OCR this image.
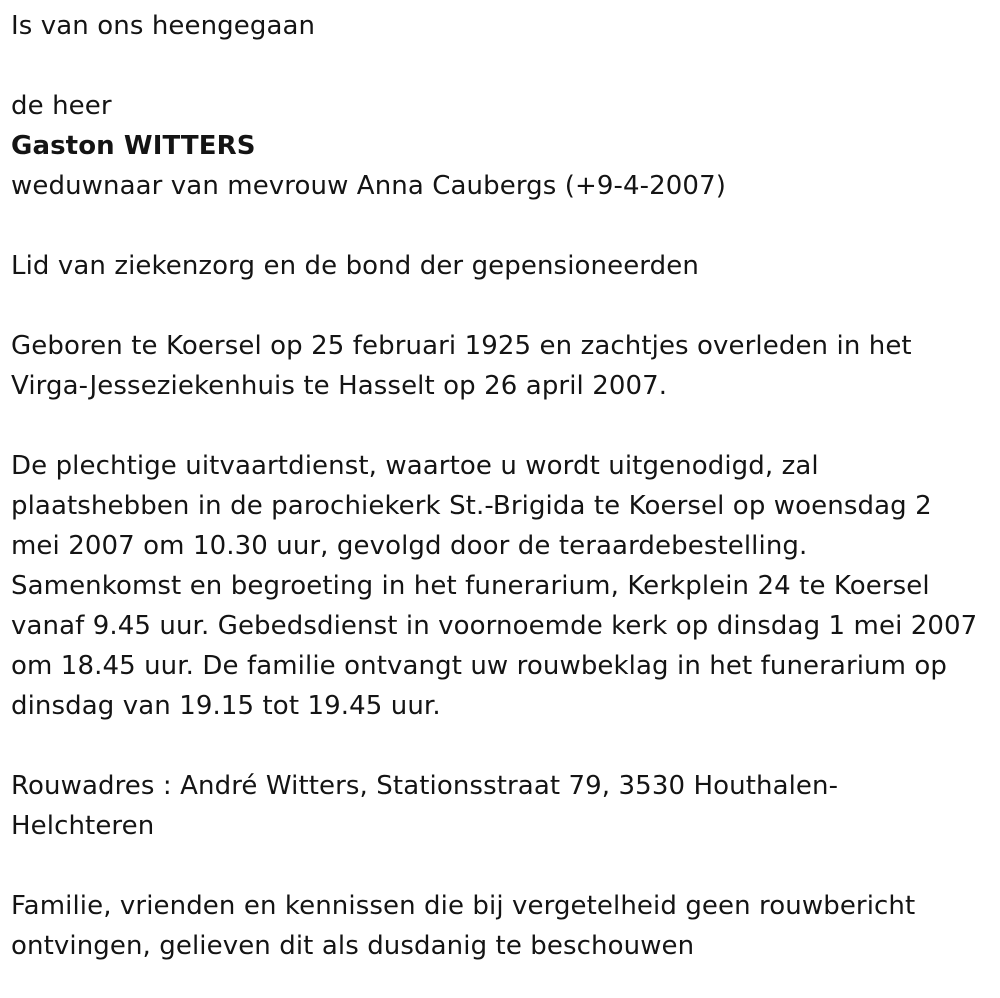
Is van ons heengegaan

de heer

Gaston WITTERS

weduwnaar van mevrouw Anna Caubergs (+9-4-2007)

Lid van ziekenzorg en de bond der gepensioneerden

Geboren te Koersel op 25 februari 1925 en zachtjes overleden in het
Virga-Jesseziekenhuis te Hasselt op 26 april 2007.

De plechtige uitvaartdienst, waartoe u wordt uitgenodigd, zal
plaatshebben in de parochiekerk St.-Brigida te Koersel op woensdag 2
mei 2007 om 10.30 uur, gevolgd door de teraardebestelling.
Samenkomst en begroeting in het funerarium, Kerkplein 24 te Koersel
vanaf 9.45 uur. Gebedsdienst in voornoemde kerk op dinsdag 1 mei 2007
om 18.45 uur. De familie ontvangt uw rouwbeklag in het funerarium op
dinsdag van 19.15 tot 19.45 uur.

Rouwadres : André Witters, Stationsstraat 79, 3530 Houthalen-
Helchteren

Familie, vrienden en kennissen die bij vergetelheid geen rouwbericht
ontvingen, gelieven dit als dusdanig te beschouwen
